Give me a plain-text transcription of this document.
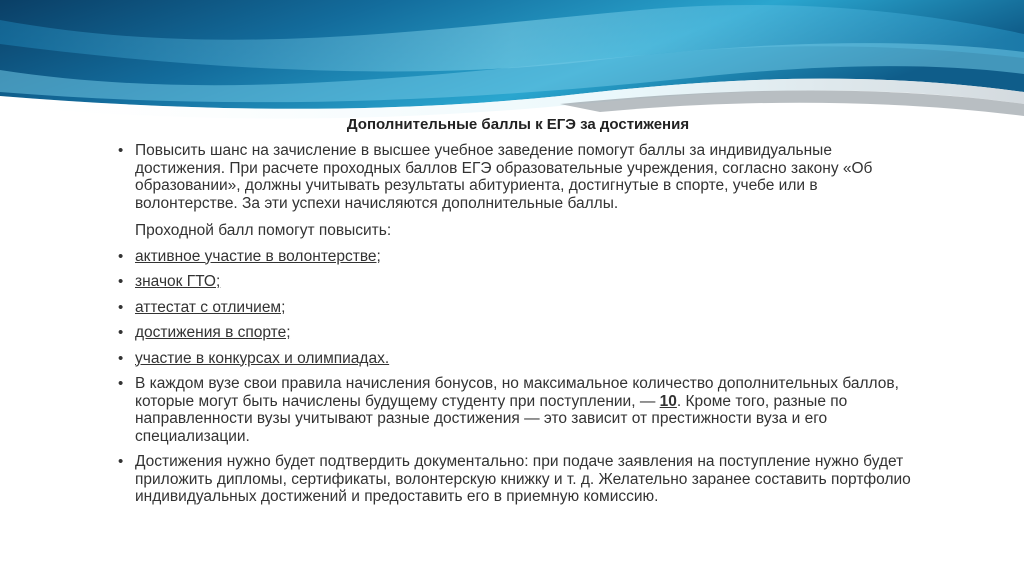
Дополнительные баллы к ЕГЭ за достижения
• Повысить шанс на зачисление в высшее учебное заведение помогут баллы за индивидуальные достижения. При расчете проходных баллов ЕГЭ образовательные учреждения, согласно закону «Об образовании», должны учитывать результаты абитуриента, достигнутые в спорте, учебе или в волонтерстве. За эти успехи начисляются дополнительные баллы.
Проходной балл помогут повысить:
• активное участие в волонтерстве;
• значок ГТО;
• аттестат с отличием;
• достижения в спорте;
• участие в конкурсах и олимпиадах.
• В каждом вузе свои правила начисления бонусов, но максимальное количество дополнительных баллов, которые могут быть начислены будущему студенту при поступлении, — 10. Кроме того, разные по направленности вузы учитывают разные достижения — это зависит от престижности вуза и его специализации.
• Достижения нужно будет подтвердить документально: при подаче заявления на поступление нужно будет приложить дипломы, сертификаты, волонтерскую книжку и т. д. Желательно заранее составить портфолио индивидуальных достижений и предоставить его в приемную комиссию.
